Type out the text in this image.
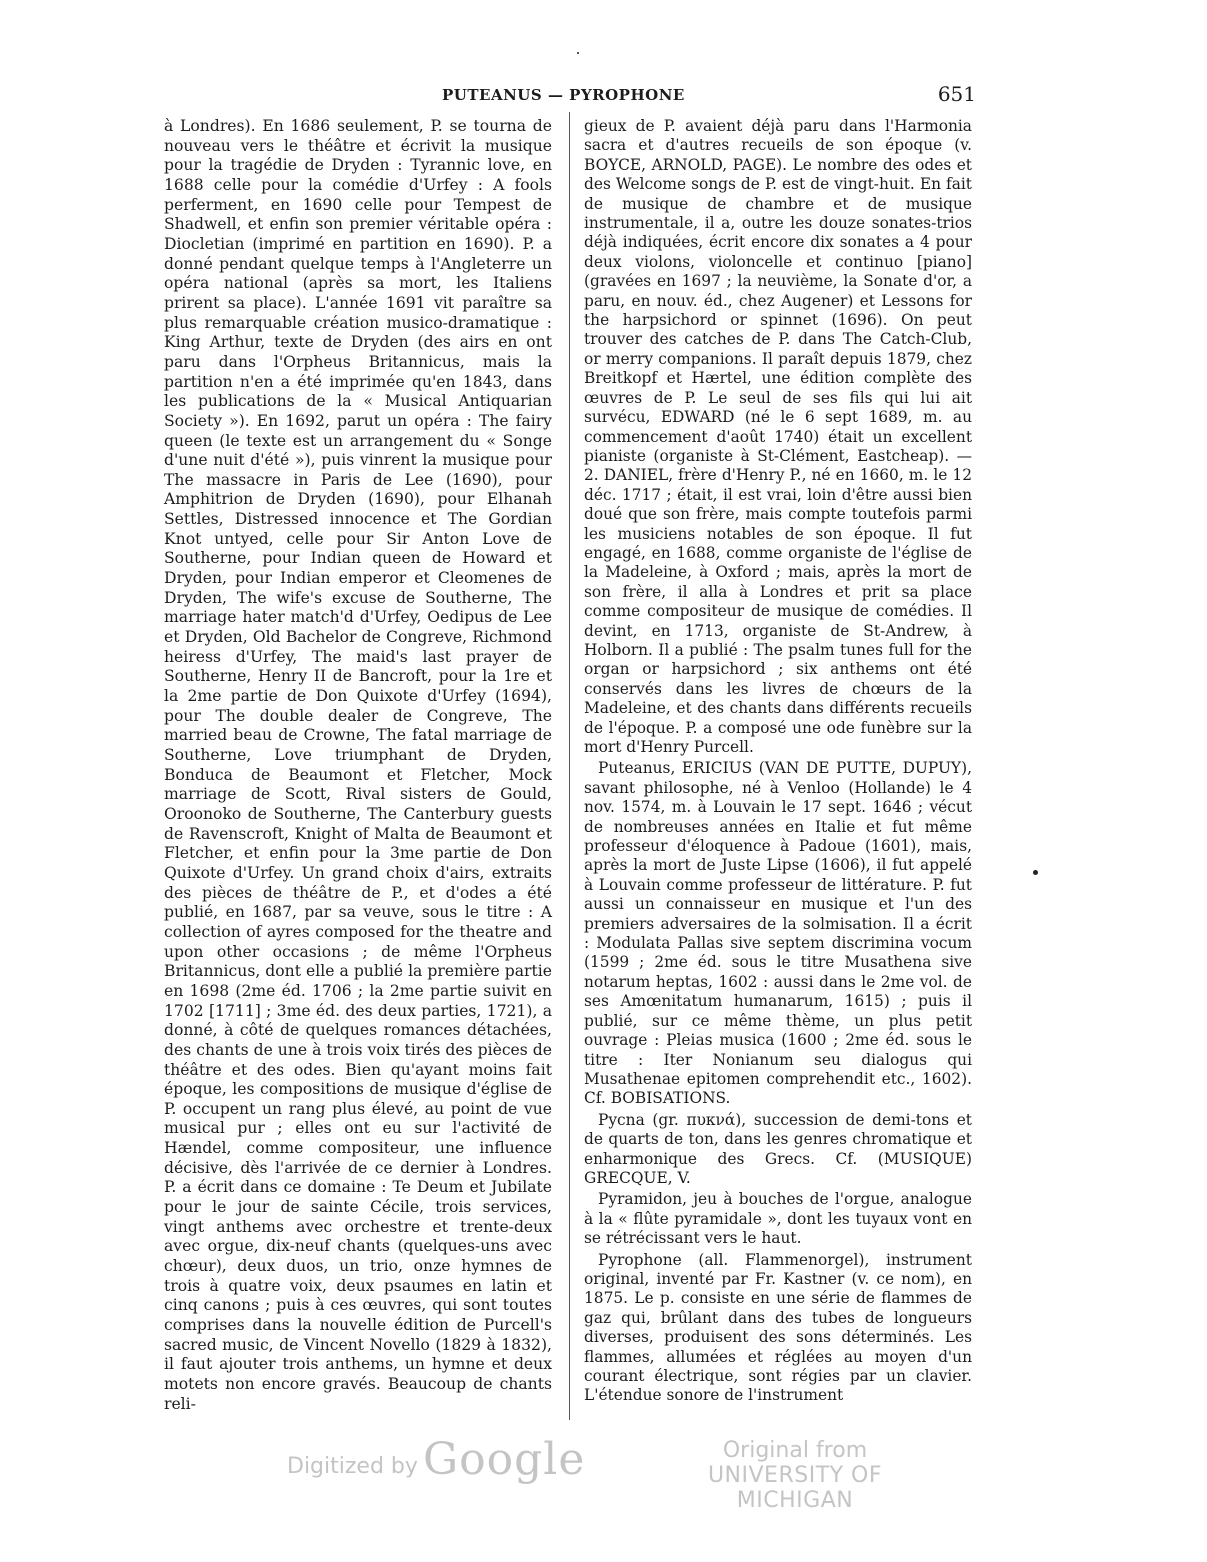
PUTEANUS — PYROPHONE	651

à Londres). En 1686 seulement, P. se tourna de nouveau vers le théâtre et écrivit la musique pour la tragédie de Dryden : Tyrannic love, en 1688 celle pour la comédie d'Urfey : A fools perferment, en 1690 celle pour Tempest de Shadwell, et enfin son premier véritable opéra : Diocletian (imprimé en partition en 1690). P. a donné pendant quelque temps à l'Angleterre un opéra national (après sa mort, les Italiens prirent sa place). L'année 1691 vit paraître sa plus remarquable création musico-dramatique : King Arthur, texte de Dryden (des airs en ont paru dans l'Orpheus Britannicus, mais la partition n'en a été imprimée qu'en 1843, dans les publications de la « Musical Antiquarian Society »). En 1692, parut un opéra : The fairy queen (le texte est un arrangement du « Songe d'une nuit d'été »), puis vinrent la musique pour The massacre in Paris de Lee (1690), pour Amphitrion de Dryden (1690), pour Elhanah Settles, Distressed innocence et The Gordian Knot untyed, celle pour Sir Anton Love de Southerne, pour Indian queen de Howard et Dryden, pour Indian emperor et Cleomenes de Dryden, The wife's excuse de Southerne, The marriage hater match'd d'Urfey, Oedipus de Lee et Dryden, Old Bachelor de Congreve, Richmond heiress d'Urfey, The maid's last prayer de Southerne, Henry II de Bancroft, pour la 1re et la 2me partie de Don Quixote d'Urfey (1694), pour The double dealer de Congreve, The married beau de Crowne, The fatal marriage de Southerne, Love triumphant de Dryden, Bonduca de Beaumont et Fletcher, Mock marriage de Scott, Rival sisters de Gould, Oroonoko de Southerne, The Canterbury guests de Ravenscroft, Knight of Malta de Beaumont et Fletcher, et enfin pour la 3me partie de Don Quixote d'Urfey. Un grand choix d'airs, extraits des pièces de théâtre de P., et d'odes a été publié, en 1687, par sa veuve, sous le titre : A collection of ayres composed for the theatre and upon other occasions ; de même l'Orpheus Britannicus, dont elle a publié la première partie en 1698 (2me éd. 1706 ; la 2me partie suivit en 1702 [1711] ; 3me éd. des deux parties, 1721), a donné, à côté de quelques romances détachées, des chants de une à trois voix tirés des pièces de théâtre et des odes. Bien qu'ayant moins fait époque, les compositions de musique d'église de P. occupent un rang plus élevé, au point de vue musical pur ; elles ont eu sur l'activité de Hændel, comme compositeur, une influence décisive, dès l'arrivée de ce dernier à Londres. P. a écrit dans ce domaine : Te Deum et Jubilate pour le jour de sainte Cécile, trois services, vingt anthems avec orchestre et trente-deux avec orgue, dix-neuf chants (quelques-uns avec chœur), deux duos, un trio, onze hymnes de trois à quatre voix, deux psaumes en latin et cinq canons ; puis à ces œuvres, qui sont toutes comprises dans la nouvelle édition de Purcell's sacred music, de Vincent Novello (1829 à 1832), il faut ajouter trois anthems, un hymne et deux motets non encore gravés. Beaucoup de chants reli-

gieux de P. avaient déjà paru dans l'Harmonia sacra et d'autres recueils de son époque (v. BOYCE, ARNOLD, PAGE). Le nombre des odes et des Welcome songs de P. est de vingt-huit. En fait de musique de chambre et de musique instrumentale, il a, outre les douze sonates-trios déjà indiquées, écrit encore dix sonates a 4 pour deux violons, violoncelle et continuo [piano] (gravées en 1697 ; la neuvième, la Sonate d'or, a paru, en nouv. éd., chez Augener) et Lessons for the harpsichord or spinnet (1696). On peut trouver des catches de P. dans The Catch-Club, or merry companions. Il paraît depuis 1879, chez Breitkopf et Hærtel, une édition complète des œuvres de P. Le seul de ses fils qui lui ait survécu, EDWARD (né le 6 sept 1689, m. au commencement d'août 1740) était un excellent pianiste (organiste à St-Clément, Eastcheap). — 2. DANIEL, frère d'Henry P., né en 1660, m. le 12 déc. 1717 ; était, il est vrai, loin d'être aussi bien doué que son frère, mais compte toutefois parmi les musiciens notables de son époque. Il fut engagé, en 1688, comme organiste de l'église de la Madeleine, à Oxford ; mais, après la mort de son frère, il alla à Londres et prit sa place comme compositeur de musique de comédies. Il devint, en 1713, organiste de St-Andrew, à Holborn. Il a publié : The psalm tunes full for the organ or harpsichord ; six anthems ont été conservés dans les livres de chœurs de la Madeleine, et des chants dans différents recueils de l'époque. P. a composé une ode funèbre sur la mort d'Henry Purcell.

Puteanus, ERICIUS (VAN DE PUTTE, DUPUY), savant philosophe, né à Venloo (Hollande) le 4 nov. 1574, m. à Louvain le 17 sept. 1646 ; vécut de nombreuses années en Italie et fut même professeur d'éloquence à Padoue (1601), mais, après la mort de Juste Lipse (1606), il fut appelé à Louvain comme professeur de littérature. P. fut aussi un connaisseur en musique et l'un des premiers adversaires de la solmisation. Il a écrit : Modulata Pallas sive septem discrimina vocum (1599 ; 2me éd. sous le titre Musathena sive notarum heptas, 1602 : aussi dans le 2me vol. de ses Amœnitatum humanarum, 1615) ; puis il publié, sur ce même thème, un plus petit ouvrage : Pleias musica (1600 ; 2me éd. sous le titre : Iter Nonianum seu dialogus qui Musathenae epitomen comprehendit etc., 1602). Cf. BOBISATIONS.

Pycna (gr. πυκνά), succession de demi-tons et de quarts de ton, dans les genres chromatique et enharmonique des Grecs. Cf. (MUSIQUE) GRECQUE, V.

Pyramidon, jeu à bouches de l'orgue, analogue à la « flûte pyramidale », dont les tuyaux vont en se rétrécissant vers le haut.

Pyrophone (all. Flammenorgel), instrument original, inventé par Fr. Kastner (v. ce nom), en 1875. Le p. consiste en une série de flammes de gaz qui, brûlant dans des tubes de longueurs diverses, produisent des sons déterminés. Les flammes, allumées et réglées au moyen d'un courant électrique, sont régies par un clavier. L'étendue sonore de l'instrument

Digitized by Google	Original from
UNIVERSITY OF MICHIGAN
